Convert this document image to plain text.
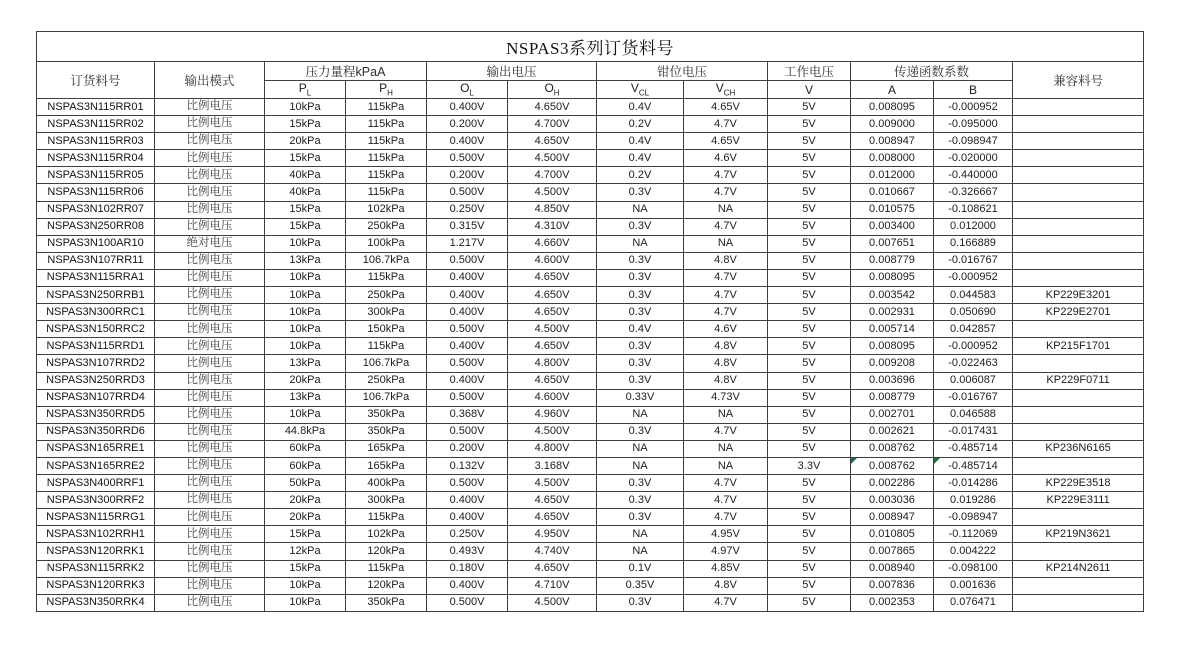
NSPAS3系列订货料号											
订货料号	输出模式	压力量程kPaA		输出电压		钳位电压		工作电压	传递函数系数		兼容料号
		$P_L$	$P_H$	$O_L$	$O_H$	$V_{CL}$	$V_{CH}$	V	A	B	
NSPAS3N115RR01	比例电压	10kPa	115kPa	0.400V	4.650V	0.4V	4.65V	5V	0.008095	-0.000952	
NSPAS3N115RR02	比例电压	15kPa	115kPa	0.200V	4.700V	0.2V	4.7V	5V	0.009000	-0.095000	
NSPAS3N115RR03	比例电压	20kPa	115kPa	0.400V	4.650V	0.4V	4.65V	5V	0.008947	-0.098947	
NSPAS3N115RR04	比例电压	15kPa	115kPa	0.500V	4.500V	0.4V	4.6V	5V	0.008000	-0.020000	
NSPAS3N115RR05	比例电压	40kPa	115kPa	0.200V	4.700V	0.2V	4.7V	5V	0.012000	-0.440000	
NSPAS3N115RR06	比例电压	40kPa	115kPa	0.500V	4.500V	0.3V	4.7V	5V	0.010667	-0.326667	
NSPAS3N102RR07	比例电压	15kPa	102kPa	0.250V	4.850V	NA	NA	5V	0.010575	-0.108621	
NSPAS3N250RR08	比例电压	15kPa	250kPa	0.315V	4.310V	0.3V	4.7V	5V	0.003400	0.012000	
NSPAS3N100AR10	绝对电压	10kPa	100kPa	1.217V	4.660V	NA	NA	5V	0.007651	0.166889	
NSPAS3N107RR11	比例电压	13kPa	106.7kPa	0.500V	4.600V	0.3V	4.8V	5V	0.008779	-0.016767	
NSPAS3N115RRA1	比例电压	10kPa	115kPa	0.400V	4.650V	0.3V	4.7V	5V	0.008095	-0.000952	
NSPAS3N250RRB1	比例电压	10kPa	250kPa	0.400V	4.650V	0.3V	4.7V	5V	0.003542	0.044583	KP229E3201
NSPAS3N300RRC1	比例电压	10kPa	300kPa	0.400V	4.650V	0.3V	4.7V	5V	0.002931	0.050690	KP229E2701
NSPAS3N150RRC2	比例电压	10kPa	150kPa	0.500V	4.500V	0.4V	4.6V	5V	0.005714	0.042857	
NSPAS3N115RRD1	比例电压	10kPa	115kPa	0.400V	4.650V	0.3V	4.8V	5V	0.008095	-0.000952	KP215F1701
NSPAS3N107RRD2	比例电压	13kPa	106.7kPa	0.500V	4.800V	0.3V	4.8V	5V	0.009208	-0.022463	
NSPAS3N250RRD3	比例电压	20kPa	250kPa	0.400V	4.650V	0.3V	4.8V	5V	0.003696	0.006087	KP229F0711
NSPAS3N107RRD4	比例电压	13kPa	106.7kPa	0.500V	4.600V	0.33V	4.73V	5V	0.008779	-0.016767	
NSPAS3N350RRD5	比例电压	10kPa	350kPa	0.368V	4.960V	NA	NA	5V	0.002701	0.046588	
NSPAS3N350RRD6	比例电压	44.8kPa	350kPa	0.500V	4.500V	0.3V	4.7V	5V	0.002621	-0.017431	
NSPAS3N165RRE1	比例电压	60kPa	165kPa	0.200V	4.800V	NA	NA	5V	0.008762	-0.485714	KP236N6165
NSPAS3N165RRE2	比例电压	60kPa	165kPa	0.132V	3.168V	NA	NA	3.3V	0.008762	-0.485714

NSPAS3N400RRF1	比例电压	50kPa	400kPa	0.500V	4.500V	0.3V	4.7V	5V	0.002286	-0.014286	KP229E3518
NSPAS3N300RRF2	比例电压	20kPa	300kPa	0.400V	4.650V	0.3V	4.7V	5V	0.003036	0.019286	KP229E3111
NSPAS3N115RRG1	比例电压	20kPa	115kPa	0.400V	4.650V	0.3V	4.7V	5V	0.008947	-0.098947	
NSPAS3N102RRH1	比例电压	15kPa	102kPa	0.250V	4.950V	NA	4.95V	5V	0.010805	-0.112069	KP219N3621
NSPAS3N120RRK1	比例电压	12kPa	120kPa	0.493V	4.740V	NA	4.97V	5V	0.007865	0.004222	
NSPAS3N115RRK2	比例电压	15kPa	115kPa	0.180V	4.650V	0.1V	4.85V	5V	0.008940	-0.098100	KP214N2611
NSPAS3N120RRK3	比例电压	10kPa	120kPa	0.400V	4.710V	0.35V	4.8V	5V	0.007836	0.001636	
NSPAS3N350RRK4	比例电压	10kPa	350kPa	0.500V	4.500V	0.3V	4.7V	5V	0.002353	0.076471	
